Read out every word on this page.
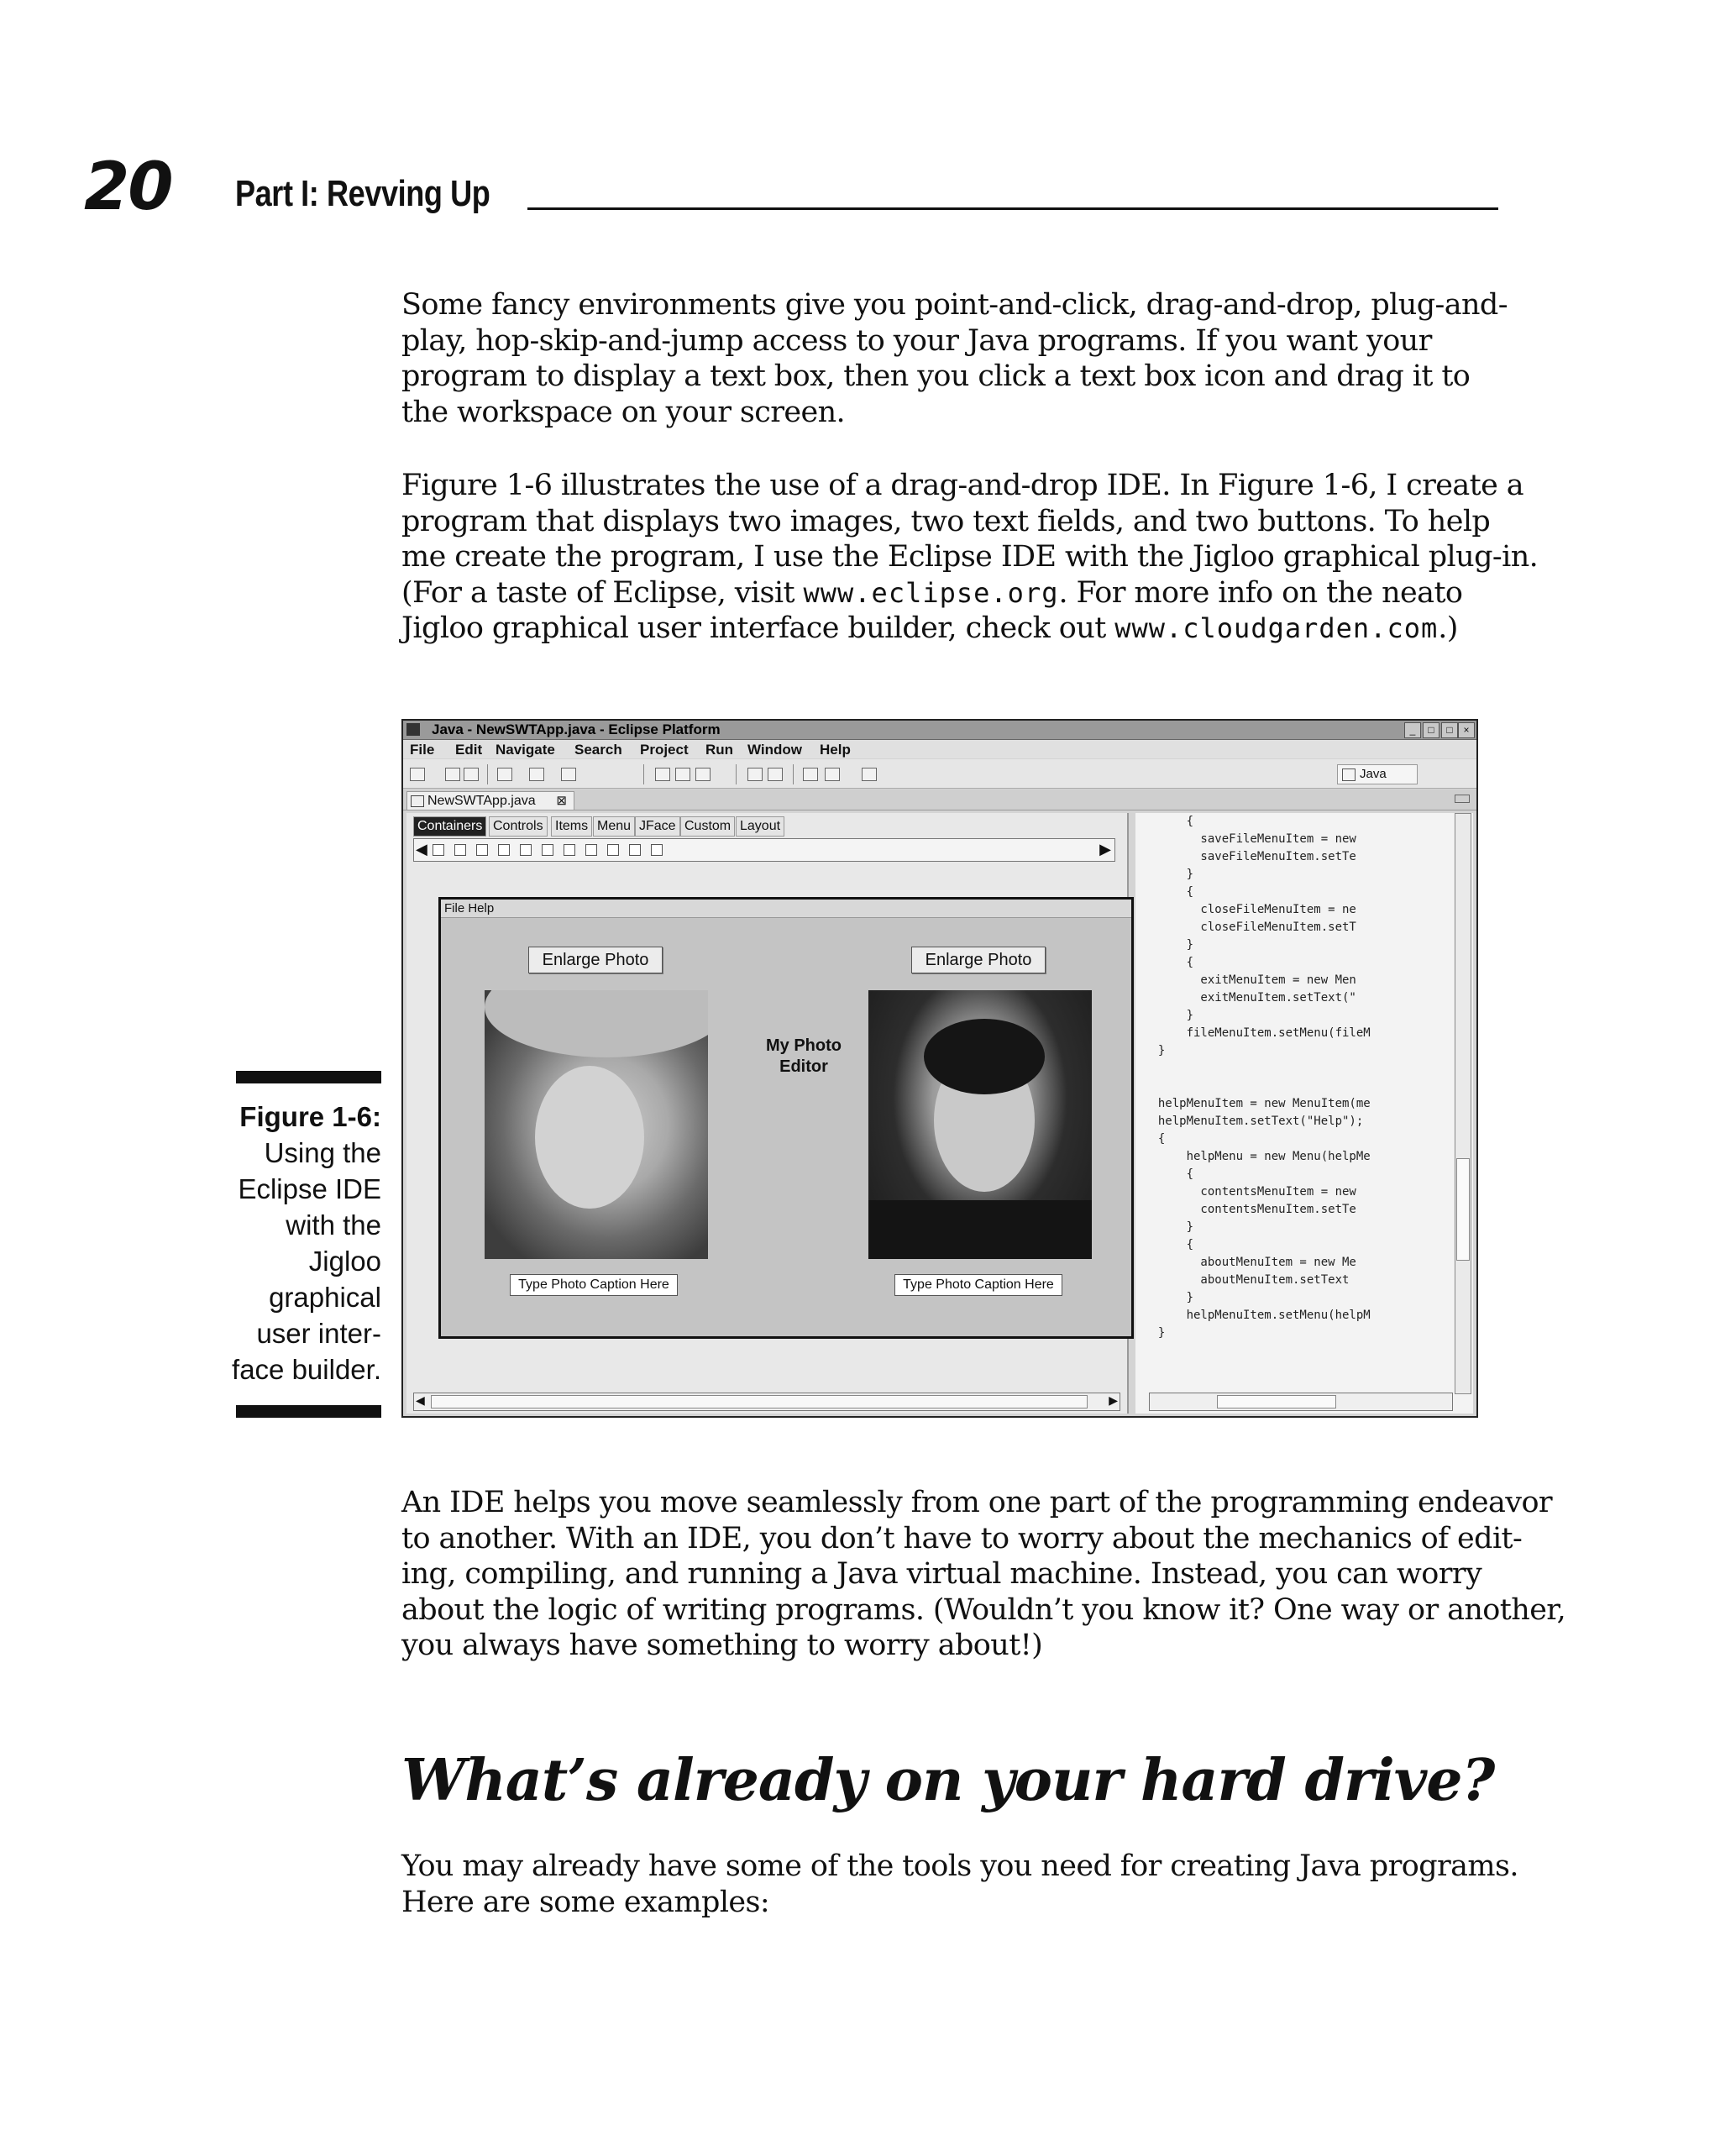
20 Part I: Revving Up
Some fancy environments give you point-and-click, drag-and-drop, plug-and-
play, hop-skip-and-jump access to your Java programs. If you want your
program to display a text box, then you click a text box icon and drag it to
the workspace on your screen.
Figure 1-6 illustrates the use of a drag-and-drop IDE. In Figure 1-6, I create a
program that displays two images, two text fields, and two buttons. To help
me create the program, I use the Eclipse IDE with the Jigloo graphical plug-in.
(For a taste of Eclipse, visit www.eclipse.org. For more info on the neato
Jigloo graphical user interface builder, check out www.cloudgarden.com.)
Figure 1-6:
Using the
Eclipse IDE
with the
Jigloo
graphical
user inter-
face builder.
Java - NewSWTApp.java - Eclipse Platform	_	□	□	×
File Edit Navigate Search Project Run Window Help
Java
NewSWTApp.java ⊠
Containers Controls Items Menu JFace Custom Layout
◀	▶
File Help
Enlarge Photo	Enlarge Photo
My Photo
Editor
Type Photo Caption Here	Type Photo Caption Here
◀	▶
{
saveFileMenuItem = new
saveFileMenuItem.setTe
}
{
closeFileMenuItem = ne
closeFileMenuItem.setT
}
{
exitMenuItem = new Men
exitMenuItem.setText("
}
fileMenuItem.setMenu(fileM
}
helpMenuItem = new MenuItem(me
helpMenuItem.setText("Help");
{
helpMenu = new Menu(helpMe
{
contentsMenuItem = new
contentsMenuItem.setTe
}
{
aboutMenuItem = new Me
aboutMenuItem.setText
}
helpMenuItem.setMenu(helpM
}
An IDE helps you move seamlessly from one part of the programming endeavor
to another. With an IDE, you don’t have to worry about the mechanics of edit-
ing, compiling, and running a Java virtual machine. Instead, you can worry
about the logic of writing programs. (Wouldn’t you know it? One way or another,
you always have something to worry about!)
What’s already on your hard drive?
You may already have some of the tools you need for creating Java programs.
Here are some examples:
